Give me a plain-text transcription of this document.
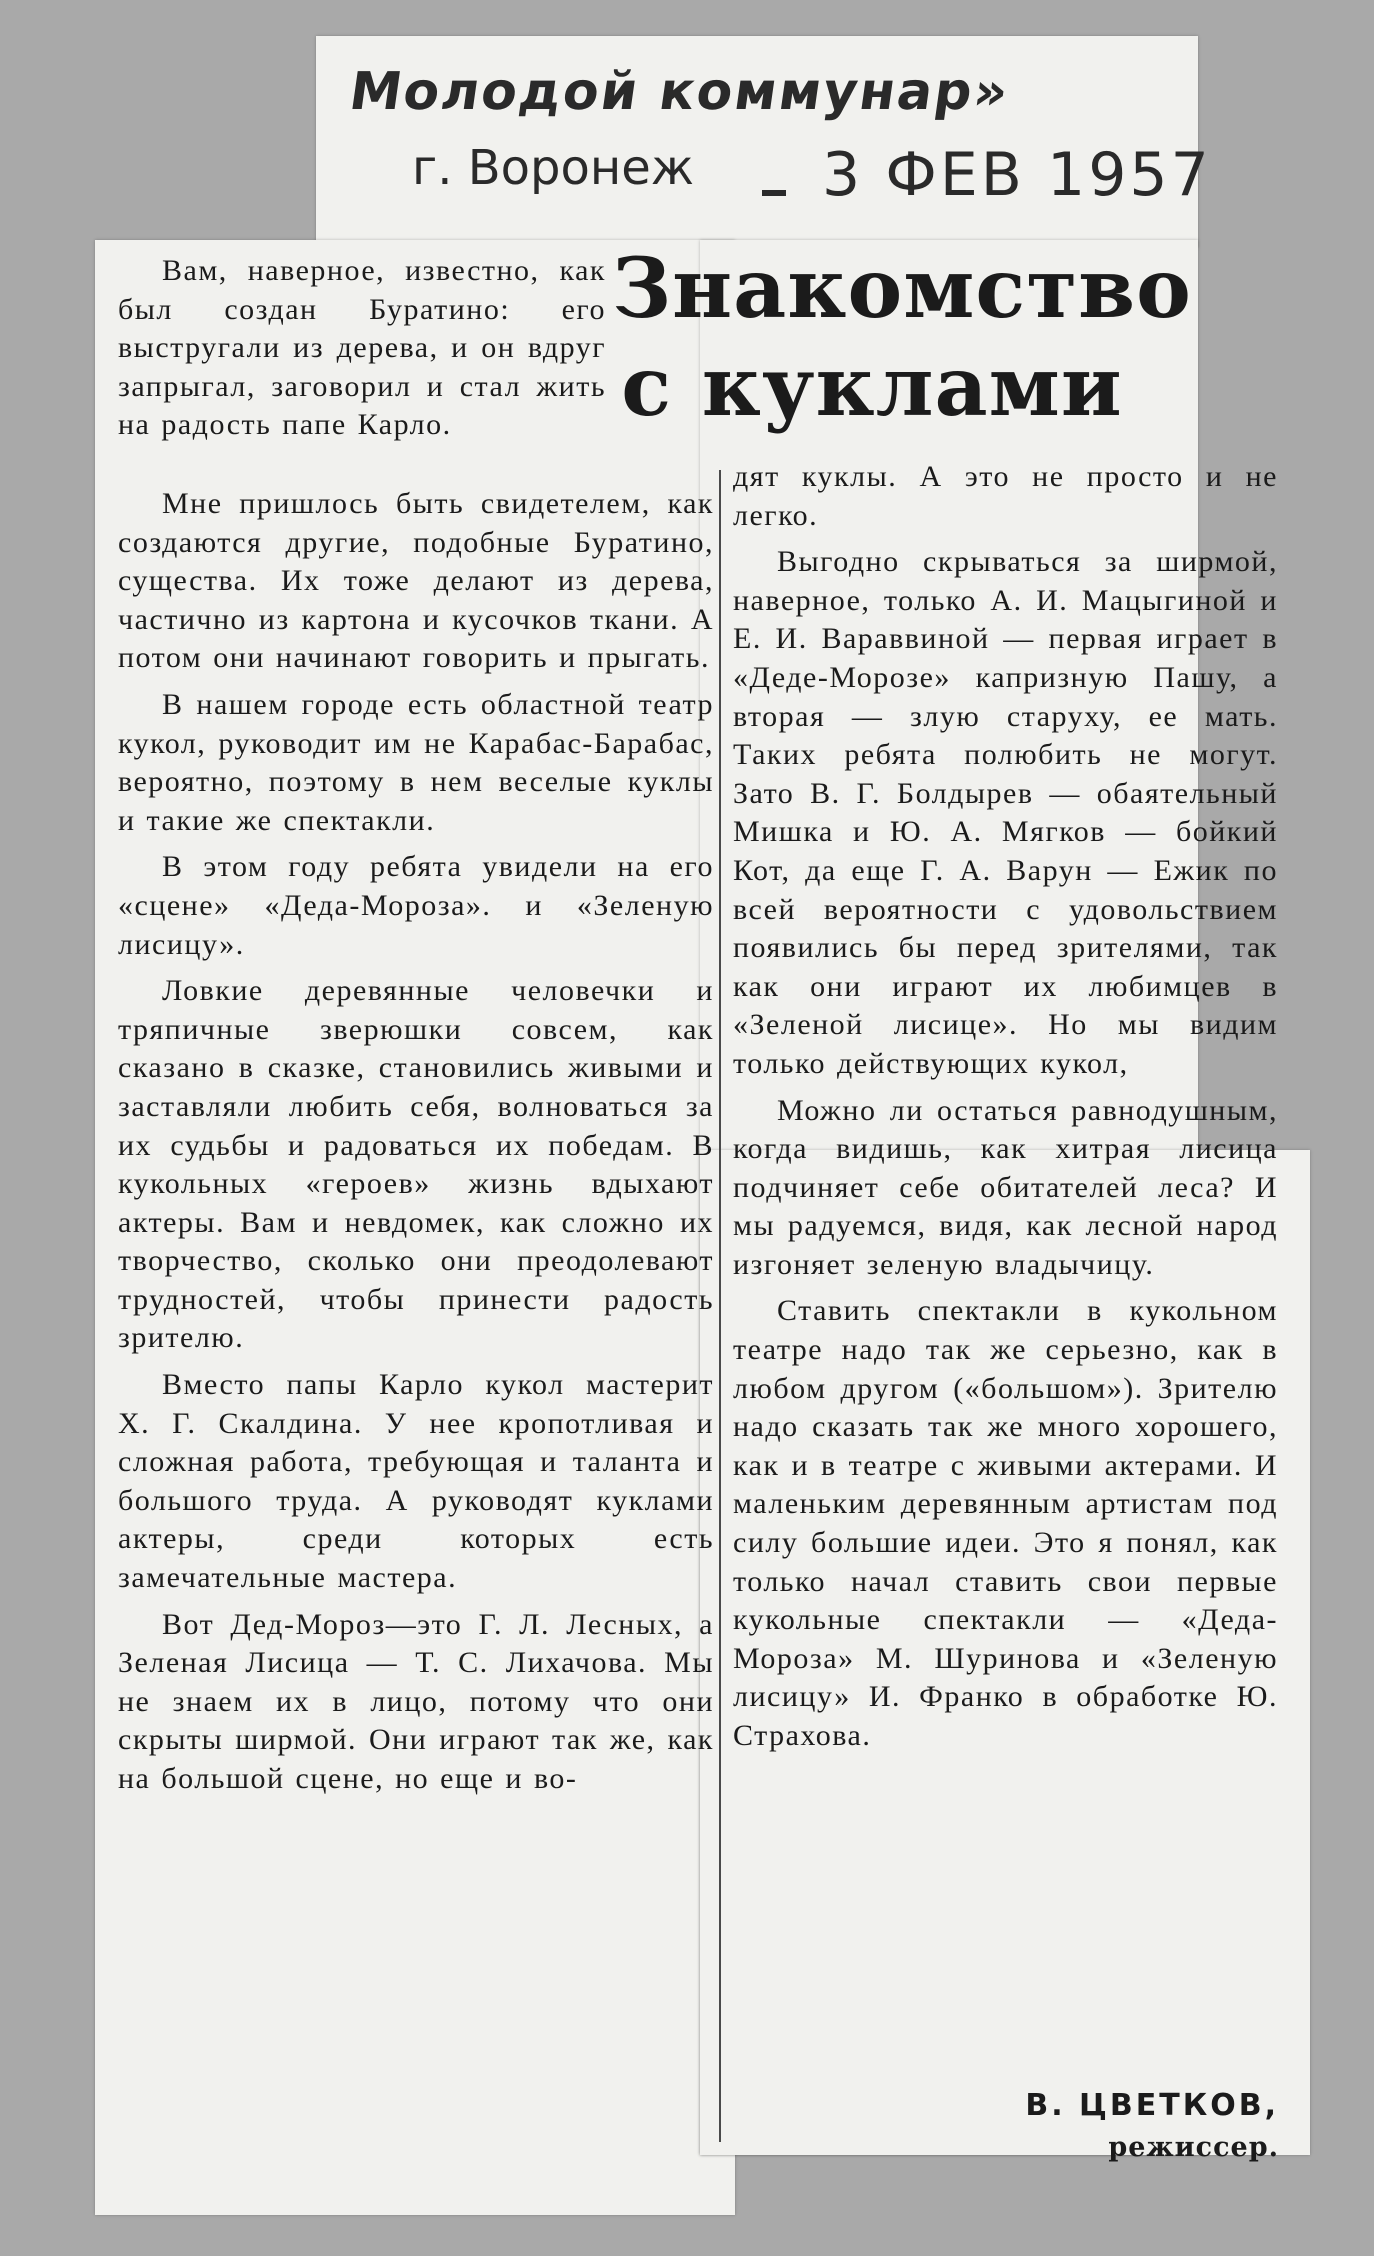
Молодой коммунар»
г. Воронеж 3 ФЕВ 1957
Знакомство
с куклами

Вам, наверное, известно, как был создан Буратино: его выстругали из дерева, и он вдруг запрыгал, заговорил и стал жить на радость папе Карло.

Мне пришлось быть свидетелем, как создаются другие, подобные Буратино, существа. Их тоже делают из дерева, частично из картона и кусочков ткани. А потом они начинают говорить и прыгать.

В нашем городе есть областной театр кукол, руководит им не Карабас-Барабас, вероятно, поэтому в нем веселые куклы и такие же спектакли.

В этом году ребята увидели на его «сцене» «Деда-Мороза». и «Зеленую лисицу».

Ловкие деревянные человечки и тряпичные зверюшки совсем, как сказано в сказке, становились живыми и заставляли любить себя, волноваться за их судьбы и радоваться их победам. В кукольных «героев» жизнь вдыхают актеры. Вам и невдомек, как сложно их творчество, сколько они преодолевают трудностей, чтобы принести радость зрителю.

Вместо папы Карло кукол мастерит Х. Г. Скалдина. У нее кропотливая и сложная работа, требующая и таланта и большого труда. А руководят куклами актеры, среди которых есть замечательные мастера.

Вот Дед-Мороз—это Г. Л. Лесных, а Зеленая Лисица — Т. С. Лихачова. Мы не знаем их в лицо, потому что они скрыты ширмой. Они играют так же, как на большой сцене, но еще и во-

дят куклы. А это не просто и не легко.

Выгодно скрываться за ширмой, наверное, только А. И. Мацыгиной и Е. И. Вараввиной — первая играет в «Деде-Морозе» капризную Пашу, а вторая — злую старуху, ее мать. Таких ребята полюбить не могут. Зато В. Г. Болдырев — обаятельный Мишка и Ю. А. Мягков — бойкий Кот, да еще Г. А. Варун — Ежик по всей вероятности с удовольствием появились бы перед зрителями, так как они играют их любимцев в «Зеленой лисице». Но мы видим только действующих кукол,

Можно ли остаться равнодушным, когда видишь, как хитрая лисица подчиняет себе обитателей леса? И мы радуемся, видя, как лесной народ изгоняет зеленую владычицу.

Ставить спектакли в кукольном театре надо так же серьезно, как в любом другом («большом»). Зрителю надо сказать так же много хорошего, как и в театре с живыми актерами. И маленьким деревянным артистам под силу большие идеи. Это я понял, как только начал ставить свои первые кукольные спектакли — «Деда-Мороза» М. Шуринова и «Зеленую лисицу» И. Франко в обработке Ю. Страхова.

В. ЦВЕТКОВ,
режиссер.
